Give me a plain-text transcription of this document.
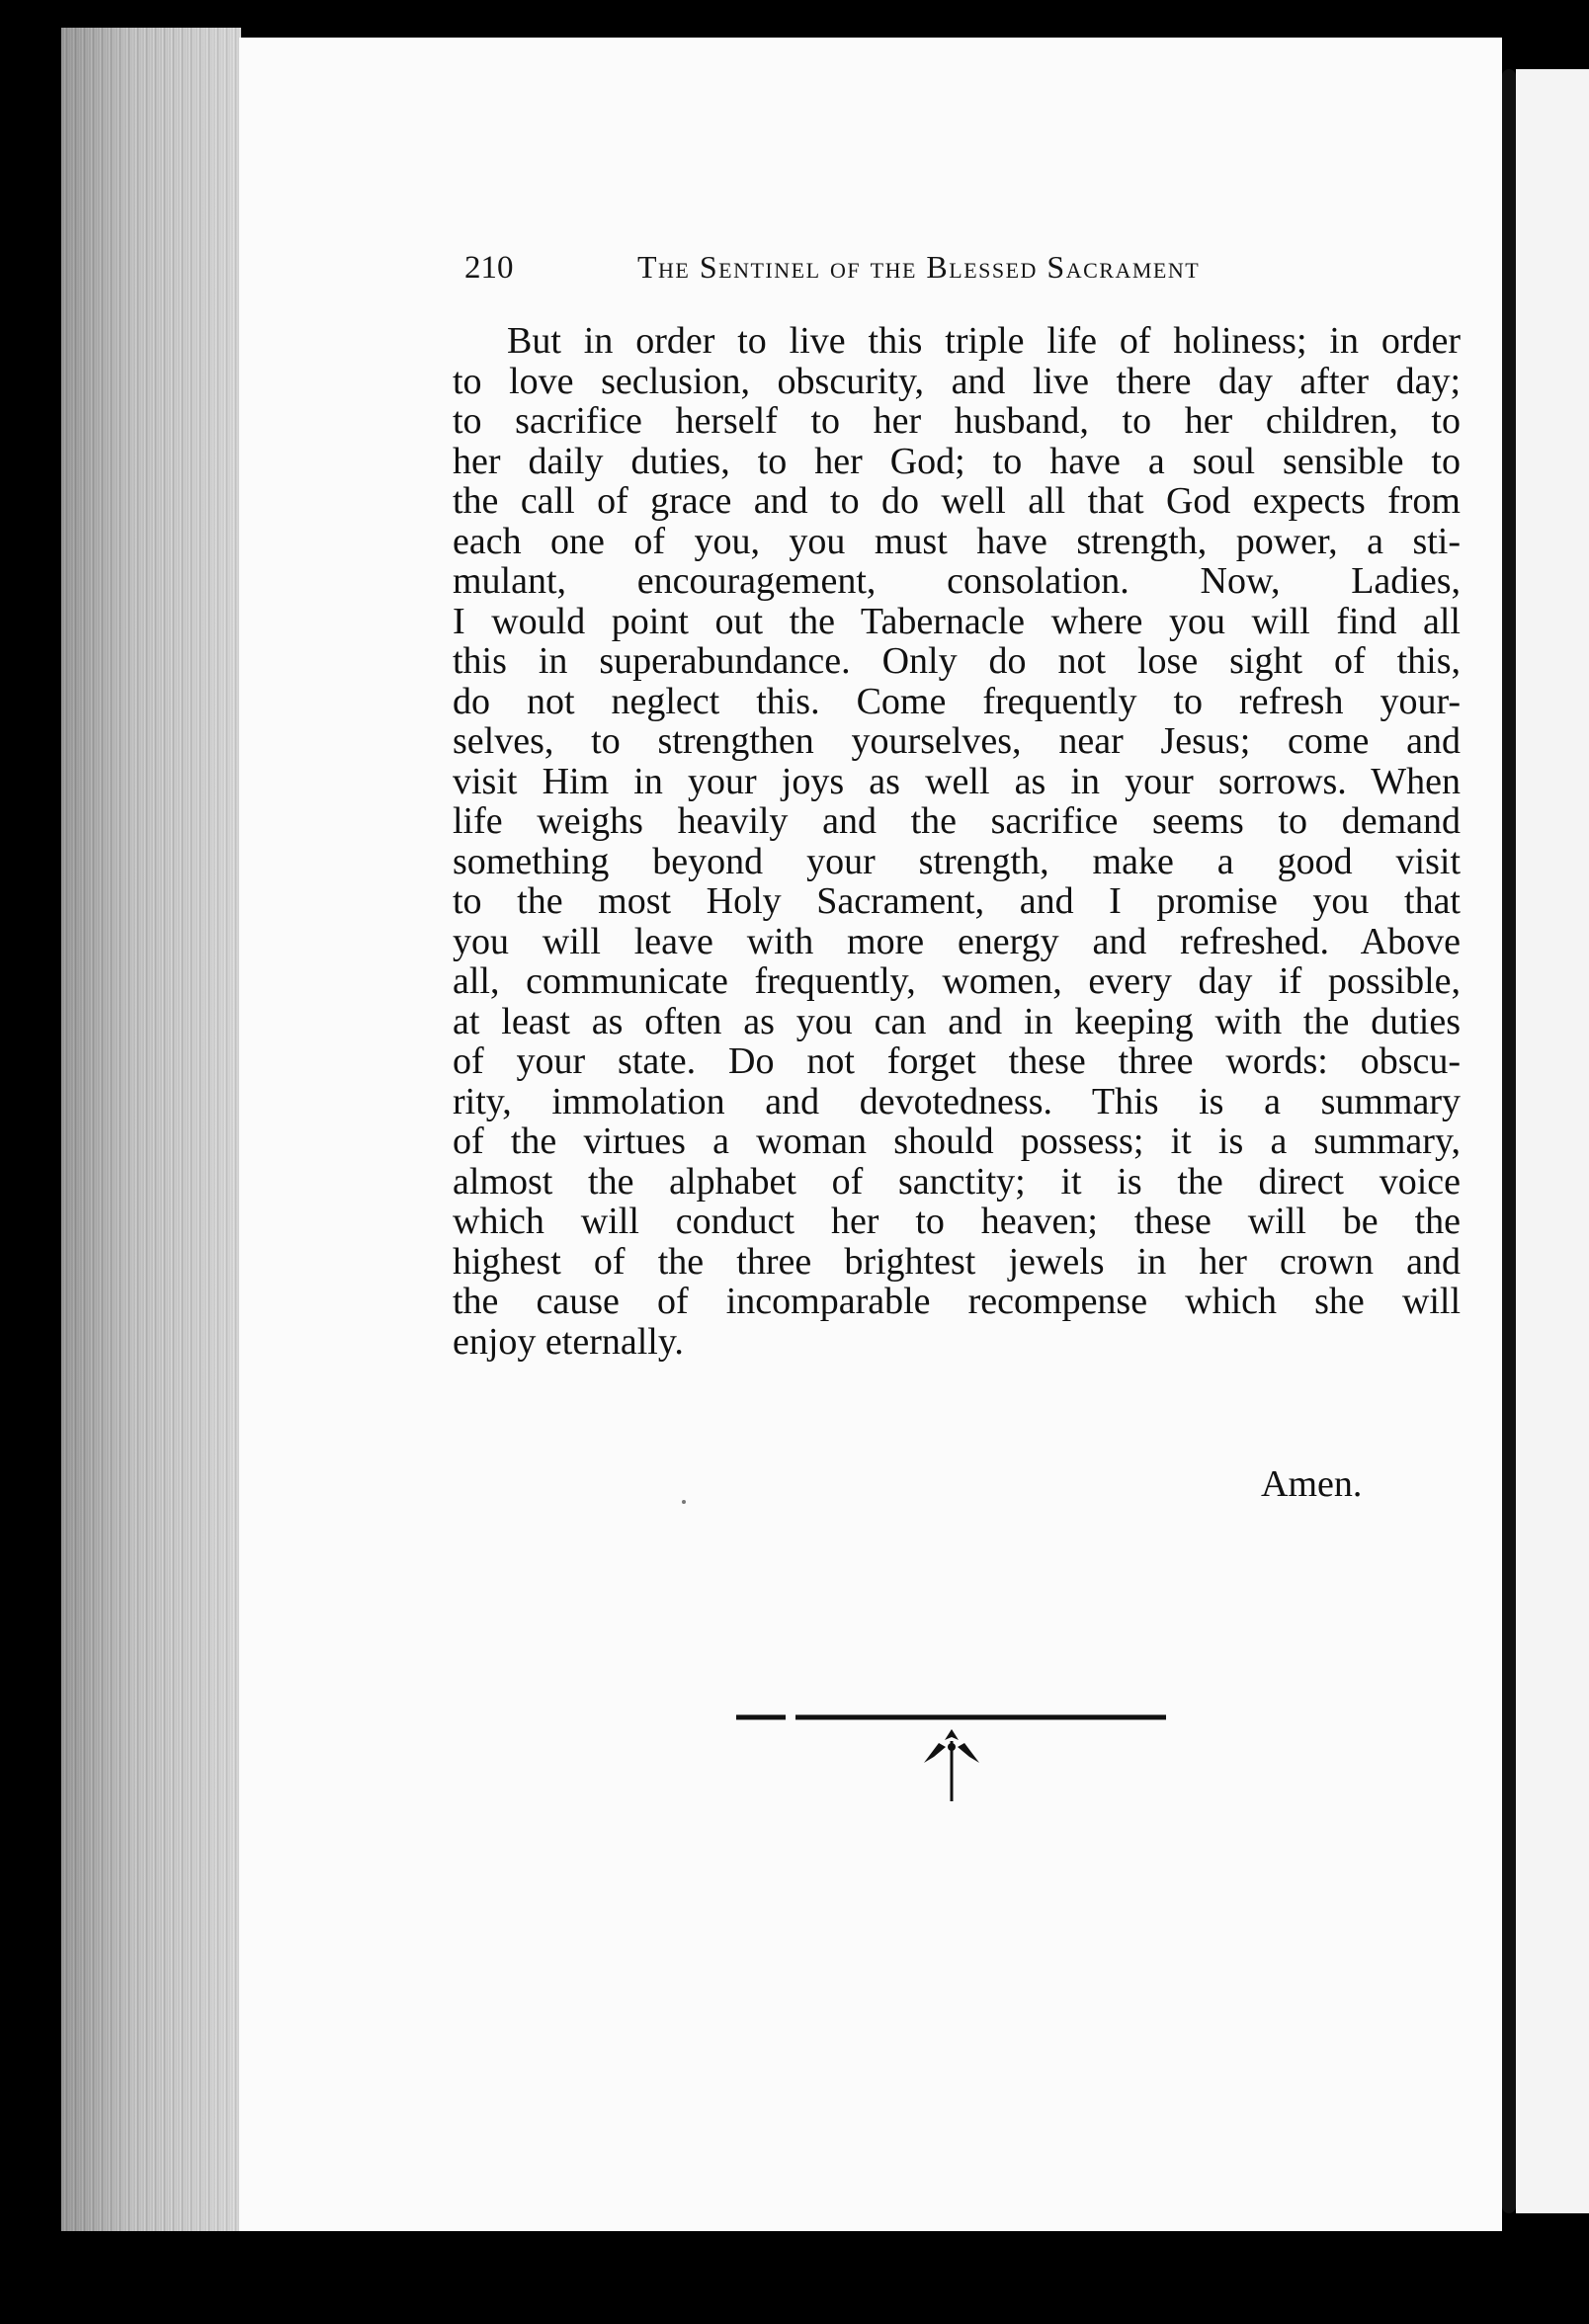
210	The Sentinel of the Blessed Sacrament
But in order to live this triple life of holiness; in order
to love seclusion, obscurity, and live there day after day;
to sacrifice herself to her husband, to her children, to
her daily duties, to her God; to have a soul sensible to
the call of grace and to do well all that God expects from
each one of you, you must have strength, power, a sti-
mulant, encouragement, consolation. Now, Ladies,
I would point out the Tabernacle where you will find all
this in superabundance. Only do not lose sight of this,
do not neglect this. Come frequently to refresh your-
selves, to strengthen yourselves, near Jesus; come and
visit Him in your joys as well as in your sorrows. When
life weighs heavily and the sacrifice seems to demand
something beyond your strength, make a good visit
to the most Holy Sacrament, and I promise you that
you will leave with more energy and refreshed. Above
all, communicate frequently, women, every day if possible,
at least as often as you can and in keeping with the duties
of your state. Do not forget these three words: obscu-
rity, immolation and devotedness. This is a summary
of the virtues a woman should possess; it is a summary,
almost the alphabet of sanctity; it is the direct voice
which will conduct her to heaven; these will be the
highest of the three brightest jewels in her crown and
the cause of incomparable recompense which she will
enjoy eternally.
Amen.
